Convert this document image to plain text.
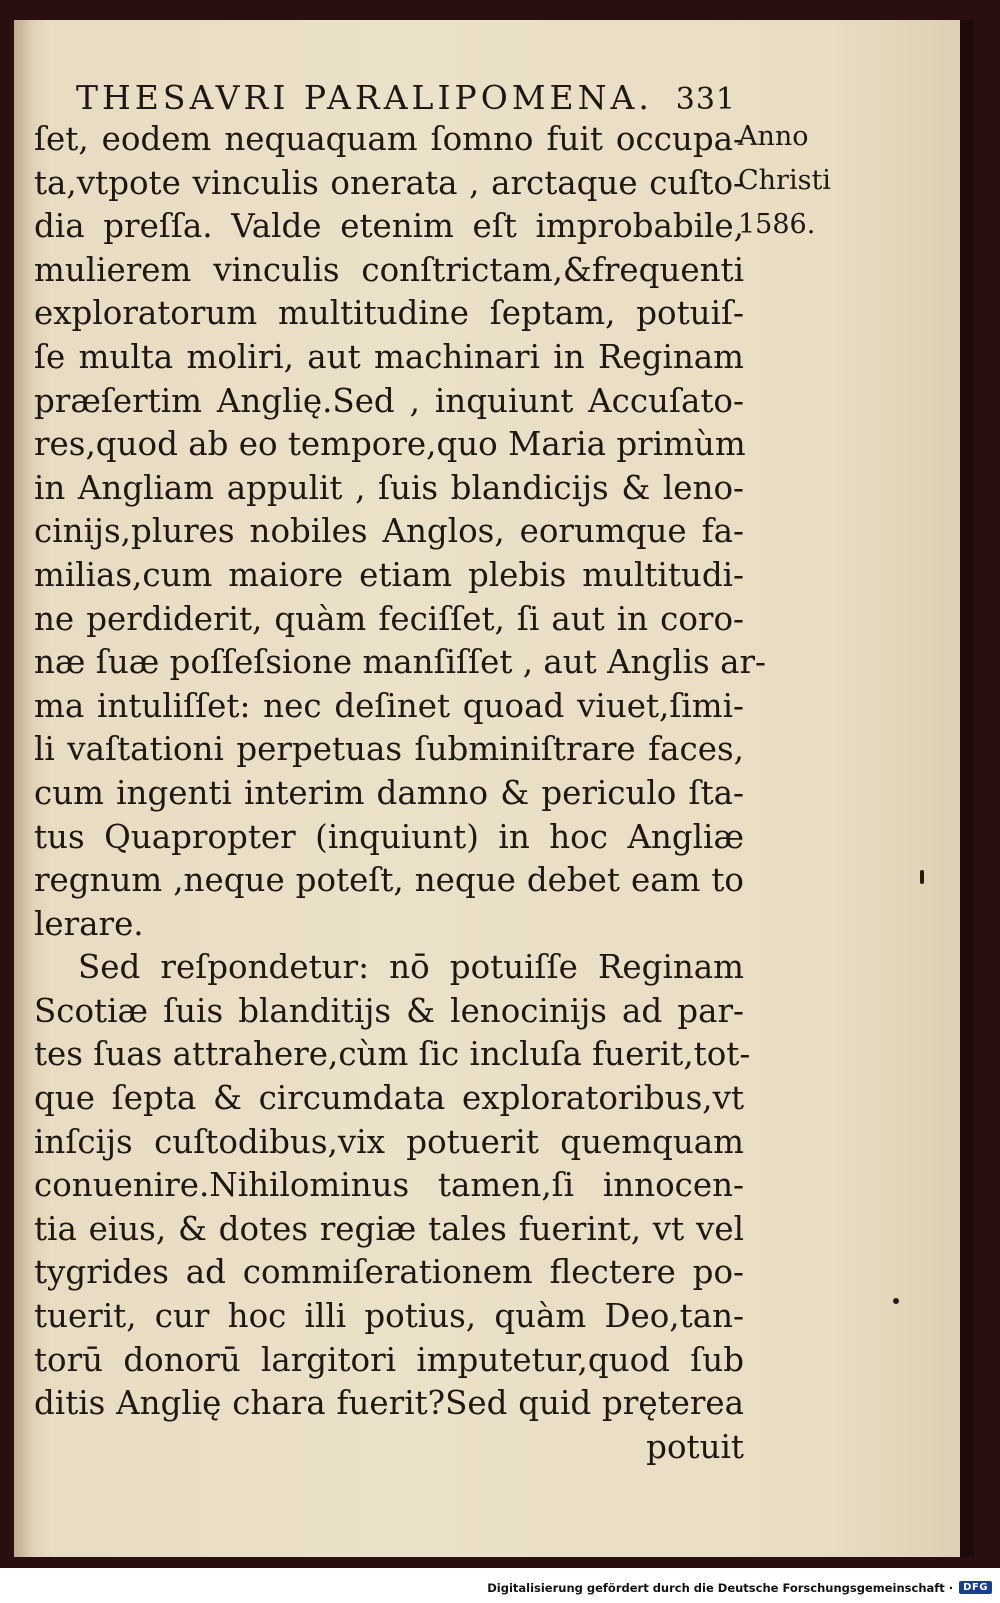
THESAVRI PARALIPOMENA. 331
ſet, eodem nequaquam ſomno fuit occupa-
ta,vtpote vinculis onerata , arctaque cuſto-
dia preſſa. Valde etenim eſt improbabile,
mulierem vinculis conſtrictam,&frequenti
exploratorum multitudine ſeptam, potuiſ-
ſe multa moliri, aut machinari in Reginam
præſertim Anglię.Sed , inquiunt Accuſato-
res,quod ab eo tempore,quo Maria primùm
in Angliam appulit , ſuis blandicijs & leno-
cinijs,plures nobiles Anglos, eorumque fa-
milias,cum maiore etiam plebis multitudi-
ne perdiderit, quàm feciſſet, ſi aut in coro-
næ ſuæ poſſeſsione manſiſſet , aut Anglis ar-
ma intuliſſet: nec deſinet quoad viuet,ſimi-
li vaſtationi perpetuas ſubminiſtrare faces,
cum ingenti interim damno & periculo ſta-
tus Quapropter (inquiunt) in hoc Angliæ
regnum ,neque poteſt, neque debet eam to
lerare.
Sed reſpondetur: nō potuiſſe Reginam
Scotiæ ſuis blanditijs & lenocinijs ad par-
tes ſuas attrahere,cùm ſic incluſa fuerit,tot-
que ſepta & circumdata exploratoribus,vt
inſcijs cuſtodibus,vix potuerit quemquam
conuenire.Nihilominus tamen,ſi innocen-
tia eius, & dotes regiæ tales fuerint, vt vel
tygrides ad commiſerationem flectere po-
tuerit, cur hoc illi potius, quàm Deo,tan-
torū donorū largitori imputetur,quod ſub
ditis Anglię chara fuerit?Sed quid pręterea
potuit
Anno
Christi
1586.
Digitalisierung gefördert durch die Deutsche Forschungsgemeinschaft ·	DFG
